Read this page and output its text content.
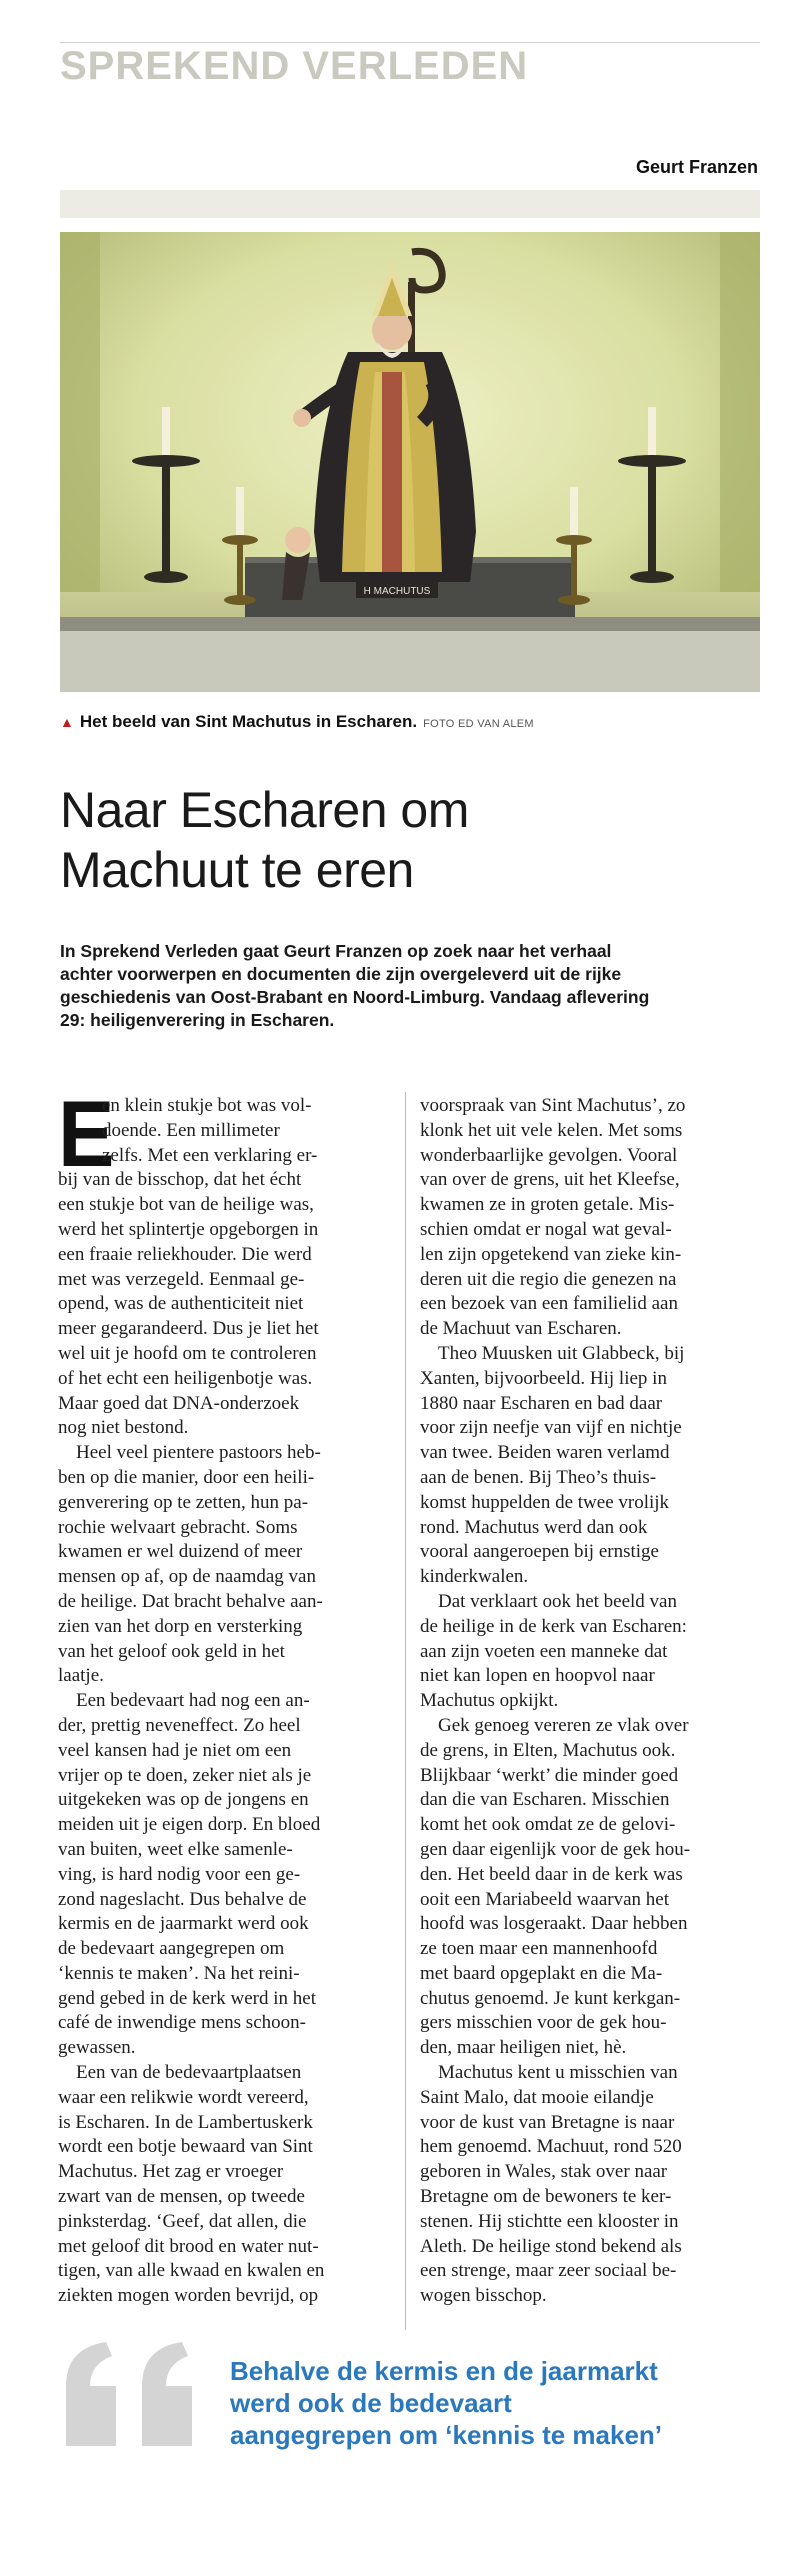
SPREKEND VERLEDEN
Geurt Franzen
H MACHUTUS
▲ Het beeld van Sint Machutus in Escharen. FOTO ED VAN ALEM
Naar Escharen om
Machuut te eren
In Sprekend Verleden gaat Geurt Franzen op zoek naar het verhaal
achter voorwerpen en documenten die zijn overgeleverd uit de rijke
geschiedenis van Oost-Brabant en Noord-Limburg. Vandaag aflevering
29: heiligenverering in Escharen.
E
en klein stukje bot was vol-
doende. Een millimeter
zelfs. Met een verklaring er-
bij van de bisschop, dat het écht
een stukje bot van de heilige was,
werd het splintertje opgeborgen in
een fraaie reliekhouder. Die werd
met was verzegeld. Eenmaal ge-
opend, was de authenticiteit niet
meer gegarandeerd. Dus je liet het
wel uit je hoofd om te controleren
of het echt een heiligenbotje was.
Maar goed dat DNA-onderzoek
nog niet bestond.
Heel veel pientere pastoors heb-
ben op die manier, door een heili-
genverering op te zetten, hun pa-
rochie welvaart gebracht. Soms
kwamen er wel duizend of meer
mensen op af, op de naamdag van
de heilige. Dat bracht behalve aan-
zien van het dorp en versterking
van het geloof ook geld in het
laatje.
Een bedevaart had nog een an-
der, prettig neveneffect. Zo heel
veel kansen had je niet om een
vrijer op te doen, zeker niet als je
uitgekeken was op de jongens en
meiden uit je eigen dorp. En bloed
van buiten, weet elke samenle-
ving, is hard nodig voor een ge-
zond nageslacht. Dus behalve de
kermis en de jaarmarkt werd ook
de bedevaart aangegrepen om
‘kennis te maken’. Na het reini-
gend gebed in de kerk werd in het
café de inwendige mens schoon-
gewassen.
Een van de bedevaartplaatsen
waar een relikwie wordt vereerd,
is Escharen. In de Lambertuskerk
wordt een botje bewaard van Sint
Machutus. Het zag er vroeger
zwart van de mensen, op tweede
pinksterdag. ‘Geef, dat allen, die
met geloof dit brood en water nut-
tigen, van alle kwaad en kwalen en
ziekten mogen worden bevrijd, op
voorspraak van Sint Machutus’, zo
klonk het uit vele kelen. Met soms
wonderbaarlijke gevolgen. Vooral
van over de grens, uit het Kleefse,
kwamen ze in groten getale. Mis-
schien omdat er nogal wat geval-
len zijn opgetekend van zieke kin-
deren uit die regio die genezen na
een bezoek van een familielid aan
de Machuut van Escharen.
Theo Muusken uit Glabbeck, bij
Xanten, bijvoorbeeld. Hij liep in
1880 naar Escharen en bad daar
voor zijn neefje van vijf en nichtje
van twee. Beiden waren verlamd
aan de benen. Bij Theo’s thuis-
komst huppelden de twee vrolijk
rond. Machutus werd dan ook
vooral aangeroepen bij ernstige
kinderkwalen.
Dat verklaart ook het beeld van
de heilige in de kerk van Escharen:
aan zijn voeten een manneke dat
niet kan lopen en hoopvol naar
Machutus opkijkt.
Gek genoeg vereren ze vlak over
de grens, in Elten, Machutus ook.
Blijkbaar ‘werkt’ die minder goed
dan die van Escharen. Misschien
komt het ook omdat ze de gelovi-
gen daar eigenlijk voor de gek hou-
den. Het beeld daar in de kerk was
ooit een Mariabeeld waarvan het
hoofd was losgeraakt. Daar hebben
ze toen maar een mannenhoofd
met baard opgeplakt en die Ma-
chutus genoemd. Je kunt kerkgan-
gers misschien voor de gek hou-
den, maar heiligen niet, hè.
Machutus kent u misschien van
Saint Malo, dat mooie eilandje
voor de kust van Bretagne is naar
hem genoemd. Machuut, rond 520
geboren in Wales, stak over naar
Bretagne om de bewoners te ker-
stenen. Hij stichtte een klooster in
Aleth. De heilige stond bekend als
een strenge, maar zeer sociaal be-
wogen bisschop.
Behalve de kermis en de jaarmarkt
werd ook de bedevaart
aangegrepen om ‘kennis te maken’
